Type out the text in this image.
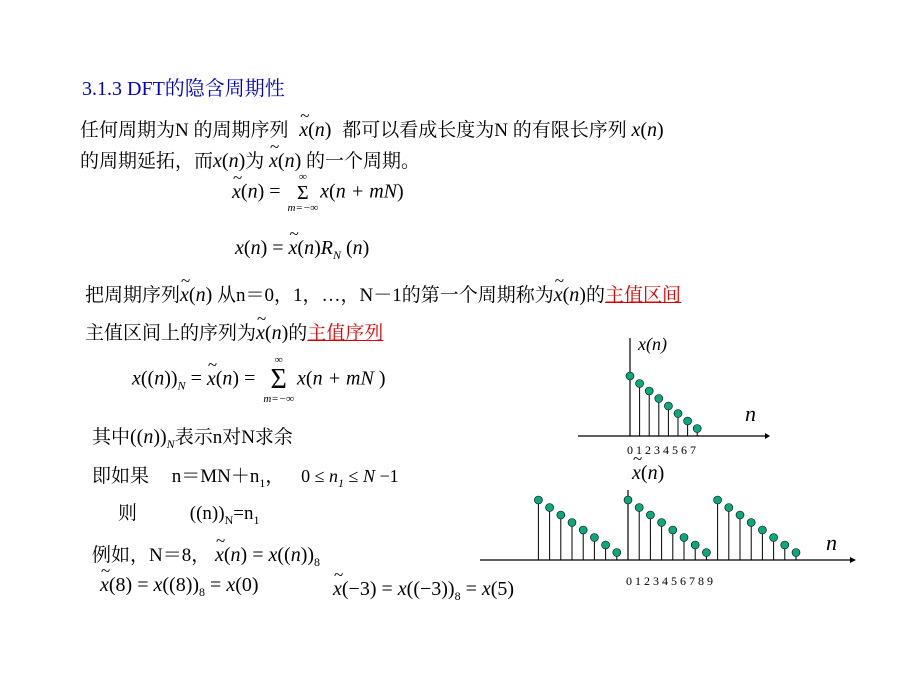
3.1.3 DFT的隐含周期性
任何周期为N 的周期序列 ~ x(n) 都可以看成长度为N 的有限长序列 x(n)
的周期延拓，而x(n)为 ~ x(n) 的一个周期。
~ x(n) =
∞
Σ
m=−∞
x(n + mN)
x(n) = ~ $x(n)R_N$ (n)
把周期序列~ x(n) 从n＝0，1，…，N－1的第一个周期称为~ x(n)的主值区间
主值区间上的序列为~ x(n)的主值序列
$x((n))_N$ = ~ x(n) =
∞
Σ
m=−∞
x(n + mN )
其中$((n))_N$表示n对N求余
即如果 $n=MN+n_1$， $0 \le n_1 \le N -1$
则	$((n))_N=n_1$
例如，N＝8， ~ $x(n) = x((n))_8$
~ $x(8) = x((8))_8 = x(0)$	~ $x(-3) = x((-3))_8 = x(5)$
x(n)
n
0 1 2 3 4 5 6 7
~ x(n)
n
0 1 2 3 4 5 6 7 8 9
